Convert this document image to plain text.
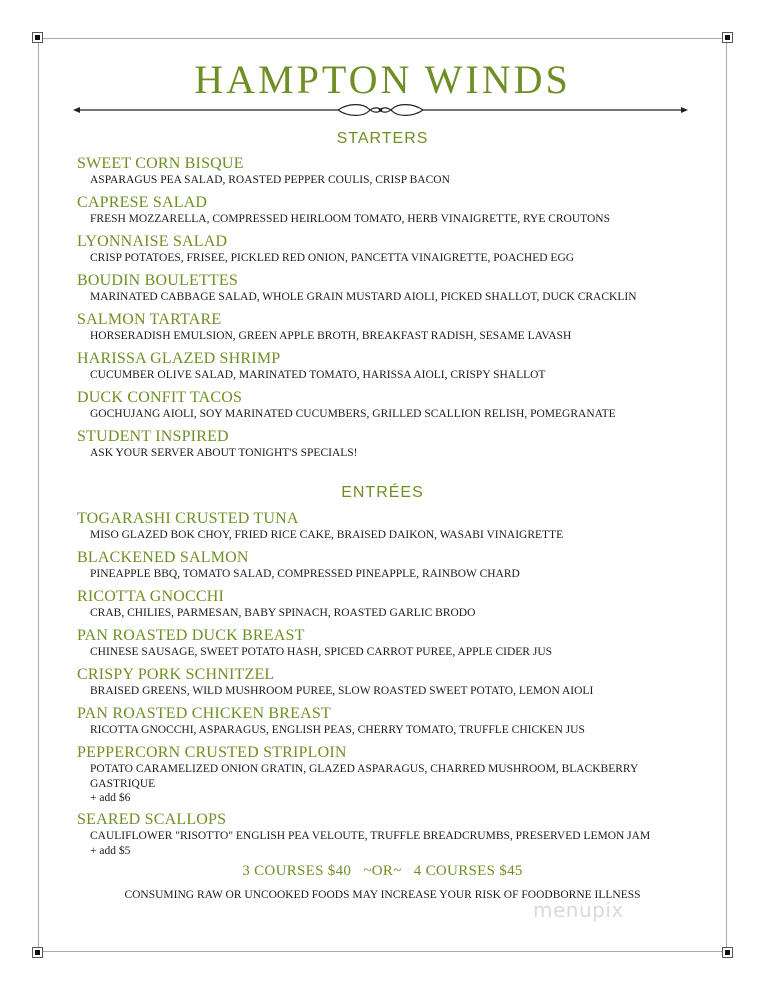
HAMPTON WINDS
STARTERS
SWEET CORN BISQUE
ASPARAGUS PEA SALAD, ROASTED PEPPER COULIS, CRISP BACON
CAPRESE SALAD
FRESH MOZZARELLA, COMPRESSED HEIRLOOM TOMATO, HERB VINAIGRETTE, RYE CROUTONS
LYONNAISE SALAD
CRISP POTATOES, FRISEE, PICKLED RED ONION, PANCETTA VINAIGRETTE, POACHED EGG
BOUDIN BOULETTES
MARINATED CABBAGE SALAD, WHOLE GRAIN MUSTARD AIOLI, PICKED SHALLOT, DUCK CRACKLIN
SALMON TARTARE
HORSERADISH EMULSION, GREEN APPLE BROTH, BREAKFAST RADISH, SESAME LAVASH
HARISSA GLAZED SHRIMP
CUCUMBER OLIVE SALAD, MARINATED TOMATO, HARISSA AIOLI, CRISPY SHALLOT
DUCK CONFIT TACOS
GOCHUJANG AIOLI, SOY MARINATED CUCUMBERS, GRILLED SCALLION RELISH, POMEGRANATE
STUDENT INSPIRED
ASK YOUR SERVER ABOUT TONIGHT'S SPECIALS!
ENTRÉES
TOGARASHI CRUSTED TUNA
MISO GLAZED BOK CHOY, FRIED RICE CAKE, BRAISED DAIKON, WASABI VINAIGRETTE
BLACKENED SALMON
PINEAPPLE BBQ, TOMATO SALAD, COMPRESSED PINEAPPLE, RAINBOW CHARD
RICOTTA GNOCCHI
CRAB, CHILIES, PARMESAN, BABY SPINACH, ROASTED GARLIC BRODO
PAN ROASTED DUCK BREAST
CHINESE SAUSAGE, SWEET POTATO HASH, SPICED CARROT PUREE, APPLE CIDER JUS
CRISPY PORK SCHNITZEL
BRAISED GREENS, WILD MUSHROOM PUREE, SLOW ROASTED SWEET POTATO, LEMON AIOLI
PAN ROASTED CHICKEN BREAST
RICOTTA GNOCCHI, ASPARAGUS, ENGLISH PEAS, CHERRY TOMATO, TRUFFLE CHICKEN JUS
PEPPERCORN CRUSTED STRIPLOIN
POTATO CARAMELIZED ONION GRATIN, GLAZED ASPARAGUS, CHARRED MUSHROOM, BLACKBERRY GASTRIQUE
+ add $6
SEARED SCALLOPS
CAULIFLOWER "RISOTTO" ENGLISH PEA VELOUTE, TRUFFLE BREADCRUMBS, PRESERVED LEMON JAM
+ add $5
3 COURSES $40   ~OR~   4 COURSES $45
CONSUMING RAW OR UNCOOKED FOODS MAY INCREASE YOUR RISK OF FOODBORNE ILLNESS
menupix
